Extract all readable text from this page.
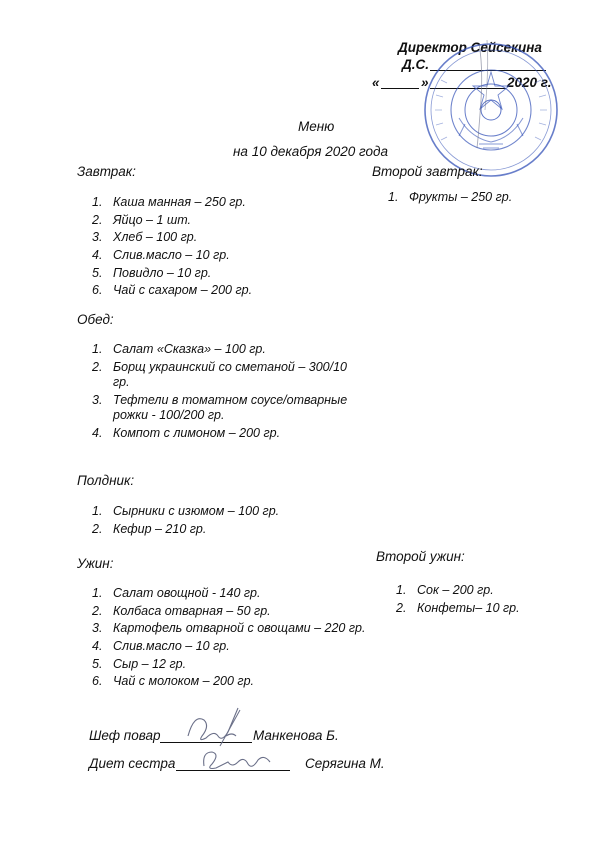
Директор Сейсекина
Д.С.
«	»	2020 г.
Меню
на 10 декабря 2020 года
Завтрак:
1. Каша манная – 250 гр.
2. Яйцо – 1 шт.
3. Хлеб – 100 гр.
4. Слив.масло – 10 гр.
5. Повидло – 10 гр.
6. Чай с сахаром – 200 гр.
Второй завтрак:
1. Фрукты – 250 гр.
Обед:
1. Салат «Сказка» – 100 гр.
2. Борщ украинский со сметаной – 300/10 гр.
3. Тефтели в томатном соусе/отварные рожки - 100/200 гр.
4. Компот с лимоном – 200 гр.
Полдник:
1. Сырники с изюмом – 100 гр.
2. Кефир – 210 гр.
Ужин:
1. Салат овощной - 140 гр.
2. Колбаса отварная – 50 гр.
3. Картофель отварной с овощами – 220 гр.
4. Слив.масло – 10 гр.
5. Сыр – 12 гр.
6. Чай с молоком – 200 гр.
Второй ужин:
1. Сок – 200 гр.
2. Конфеты– 10 гр.
Шеф повар	Манкенова Б.
Диет сестра	Серягина М.
